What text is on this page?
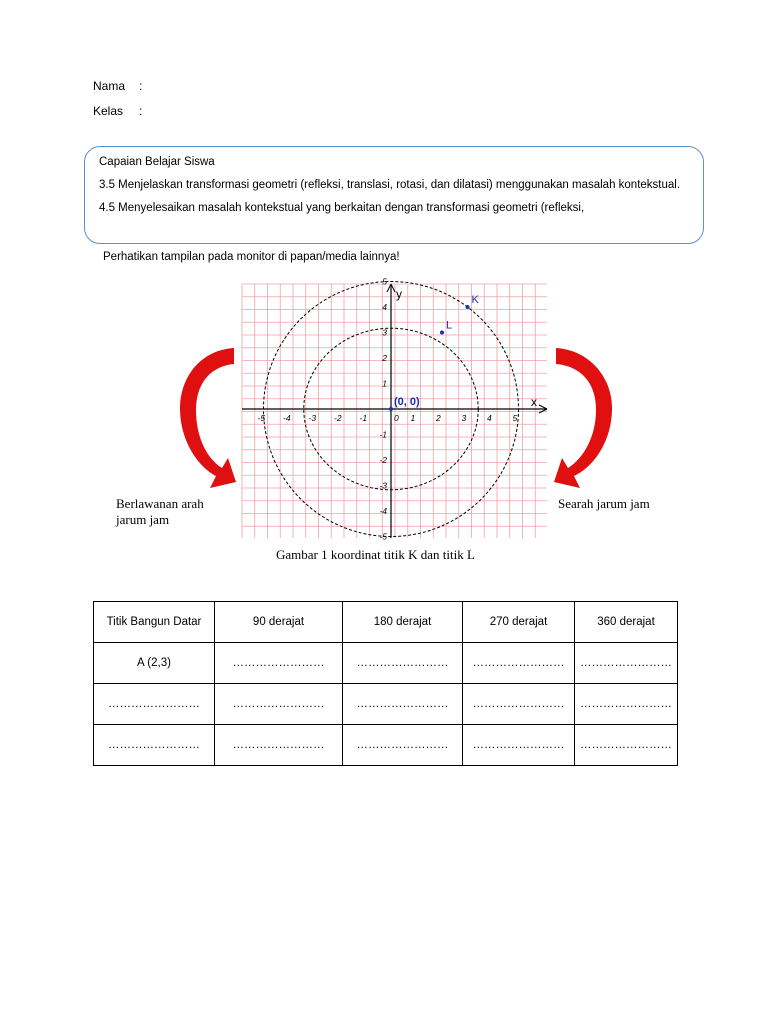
Nama :
Kelas :

Capaian Belajar Siswa

3.5 Menjelaskan transformasi geometri (refleksi, translasi, rotasi, dan dilatasi) menggunakan masalah kontekstual.

4.5 Menyelesaikan masalah kontekstual yang berkaitan dengan transformasi geometri (refleksi,

Perhatikan tampilan pada monitor di papan/media lainnya!
x
y
-5 -4 -3 -2 -1	0 1 2 3 4 5
5
4
3
2
1
-1
-2
-3
-4
-5
(0, 0)
K
L
Berlawanan arah
jarum jam
Searah jarum jam
Gambar 1 koordinat titik K dan titik L
Titik Bangun Datar	90 derajat	180 derajat	270 derajat	360 derajat
A (2,3)	……………………	……………………	……………………	……………………
……………………	……………………	……………………	……………………	……………………
……………………	……………………	……………………	……………………	……………………
